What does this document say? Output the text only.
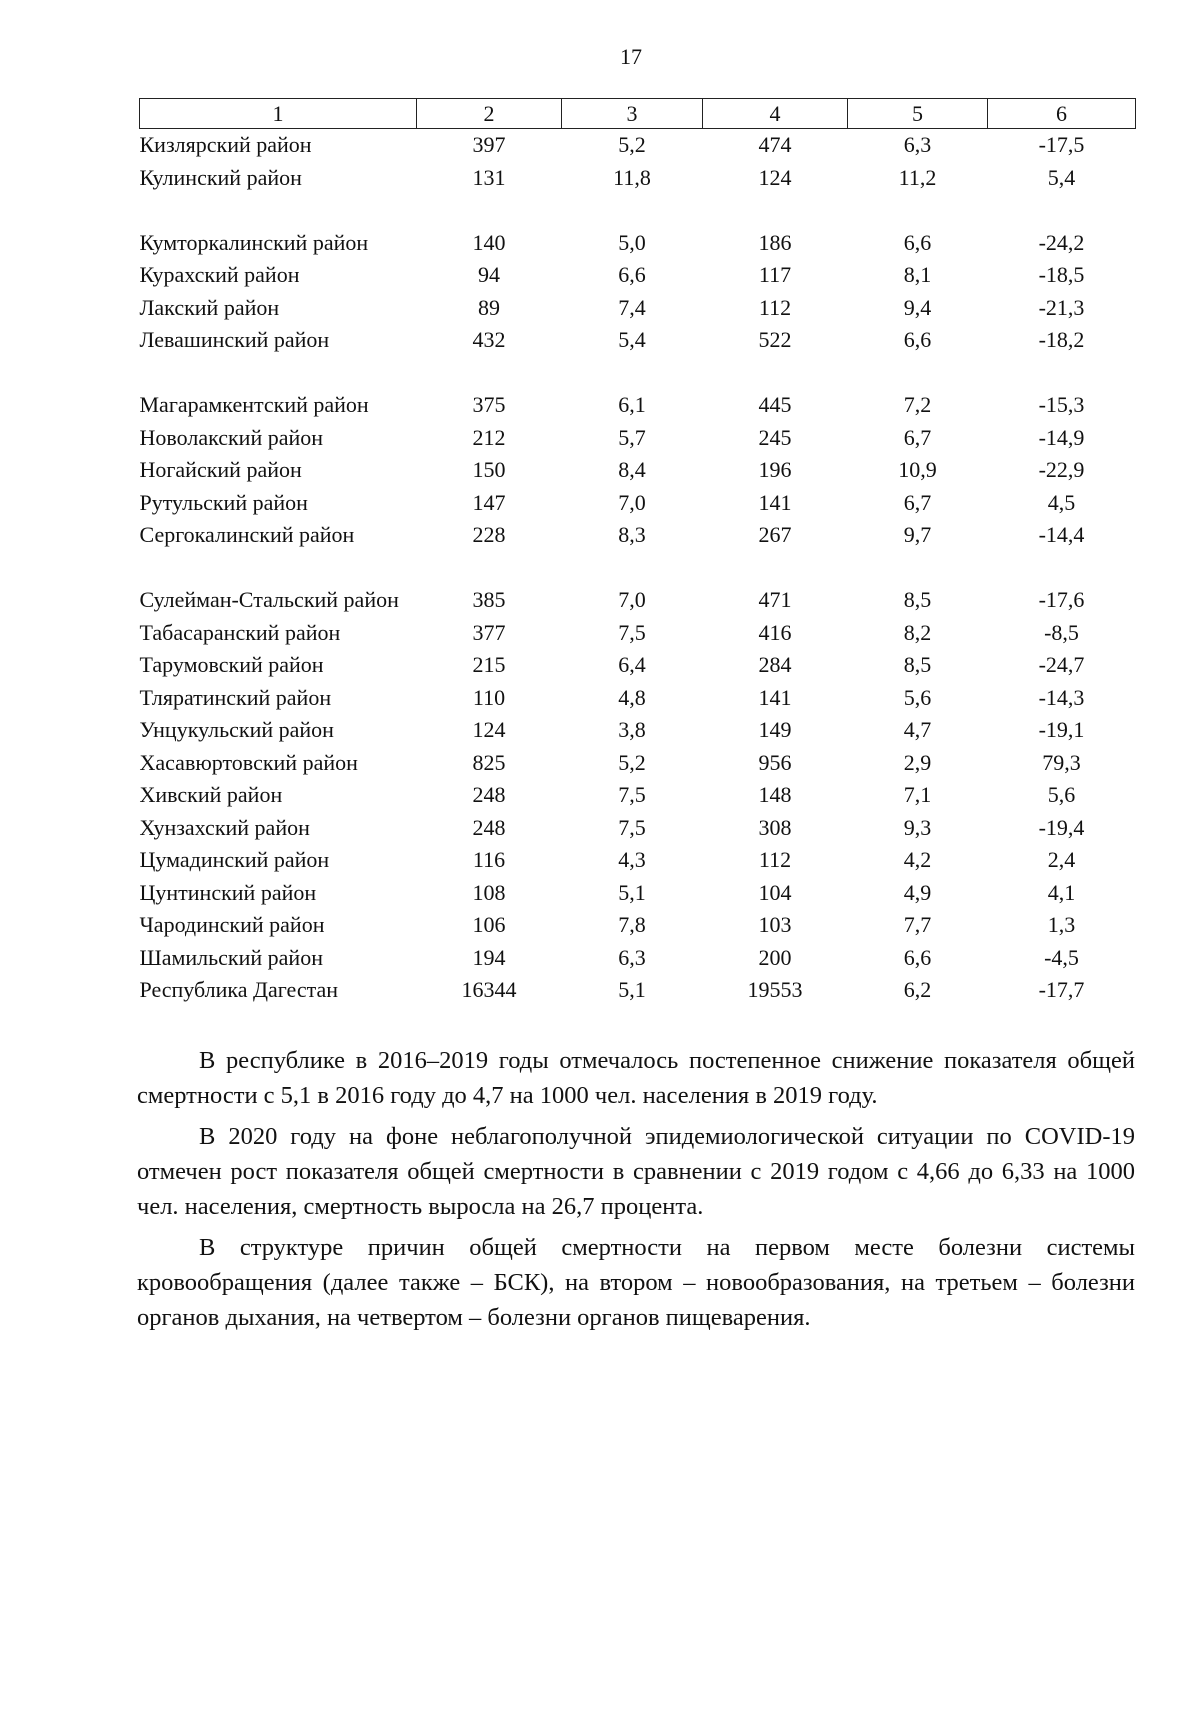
17
1	2	3	4	5	6
Кизлярский район	397	5,2	474	6,3	-17,5
Кулинский район	131	11,8	124	11,2	5,4
Кумторкалинский район	140	5,0	186	6,6	-24,2
Курахский район	94	6,6	117	8,1	-18,5
Лакский район	89	7,4	112	9,4	-21,3
Левашинский район	432	5,4	522	6,6	-18,2
Магарамкентский район	375	6,1	445	7,2	-15,3
Новолакский район	212	5,7	245	6,7	-14,9
Ногайский район	150	8,4	196	10,9	-22,9
Рутульский район	147	7,0	141	6,7	4,5
Сергокалинский район	228	8,3	267	9,7	-14,4
Сулейман-Стальский район	385	7,0	471	8,5	-17,6
Табасаранский район	377	7,5	416	8,2	-8,5
Тарумовский район	215	6,4	284	8,5	-24,7
Тляратинский район	110	4,8	141	5,6	-14,3
Унцукульский район	124	3,8	149	4,7	-19,1
Хасавюртовский район	825	5,2	956	2,9	79,3
Хивский район	248	7,5	148	7,1	5,6
Хунзахский район	248	7,5	308	9,3	-19,4
Цумадинский район	116	4,3	112	4,2	2,4
Цунтинский район	108	5,1	104	4,9	4,1
Чародинский район	106	7,8	103	7,7	1,3
Шамильский район	194	6,3	200	6,6	-4,5
Республика Дагестан	16344	5,1	19553	6,2	-17,7

В республике в 2016–2019 годы отмечалось постепенное снижение показателя общей смертности с 5,1 в 2016 году до 4,7 на 1000 чел. населения в 2019 году.

В 2020 году на фоне неблагополучной эпидемиологической ситуации по COVID-19 отмечен рост показателя общей смертности в сравнении с 2019 годом с 4,66 до 6,33 на 1000 чел. населения, смертность выросла на 26,7 процента.

В структуре причин общей смертности на первом месте болезни системы кровообращения (далее также – БСК), на втором – новообразования, на третьем – болезни органов дыхания, на четвертом – болезни органов пищеварения.
